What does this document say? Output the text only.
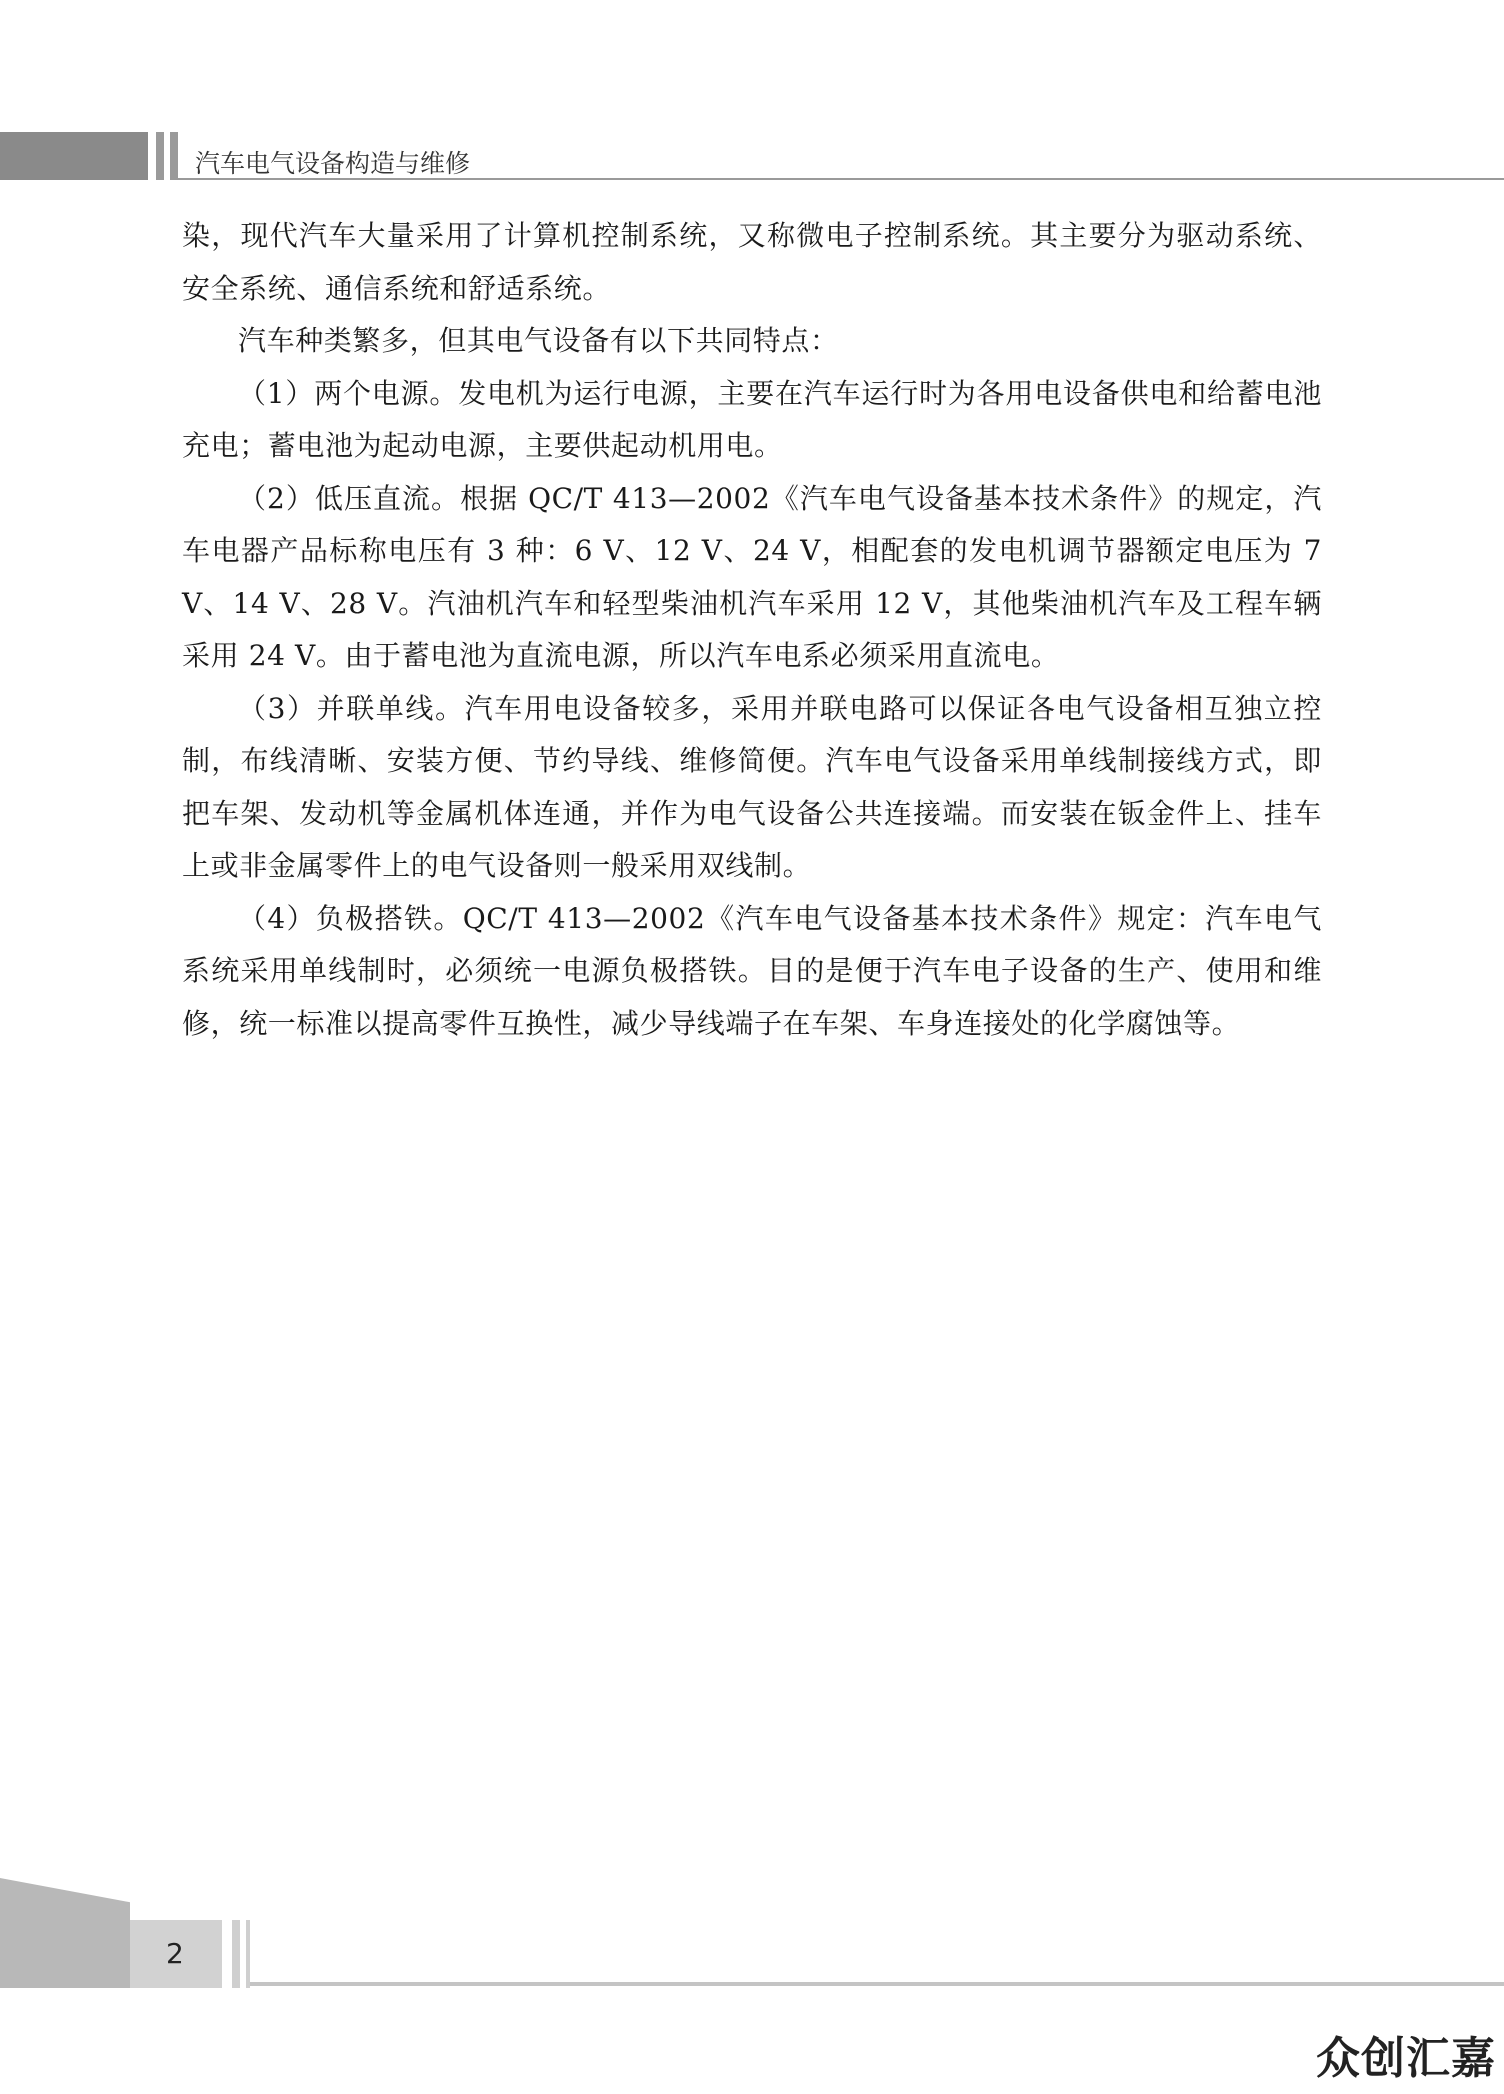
汽车电气设备构造与维修

染，现代汽车大量采用了计算机控制系统，又称微电子控制系统。其主要分为驱动系统、安全系统、通信系统和舒适系统。

汽车种类繁多，但其电气设备有以下共同特点：

（1）两个电源。发电机为运行电源，主要在汽车运行时为各用电设备供电和给蓄电池充电；蓄电池为起动电源，主要供起动机用电。

（2）低压直流。根据 QC/T 413—2002《汽车电气设备基本技术条件》的规定，汽车电器产品标称电压有 3 种：6 V、12 V、24 V，相配套的发电机调节器额定电压为 7 V、14 V、28 V。汽油机汽车和轻型柴油机汽车采用 12 V，其他柴油机汽车及工程车辆采用 24 V。由于蓄电池为直流电源，所以汽车电系必须采用直流电。

（3）并联单线。汽车用电设备较多，采用并联电路可以保证各电气设备相互独立控制，布线清晰、安装方便、节约导线、维修简便。汽车电气设备采用单线制接线方式，即把车架、发动机等金属机体连通，并作为电气设备公共连接端。而安装在钣金件上、挂车上或非金属零件上的电气设备则一般采用双线制。

（4）负极搭铁。QC/T 413—2002《汽车电气设备基本技术条件》规定：汽车电气系统采用单线制时，必须统一电源负极搭铁。目的是便于汽车电子设备的生产、使用和维修，统一标准以提高零件互换性，减少导线端子在车架、车身连接处的化学腐蚀等。

2
众创汇嘉
